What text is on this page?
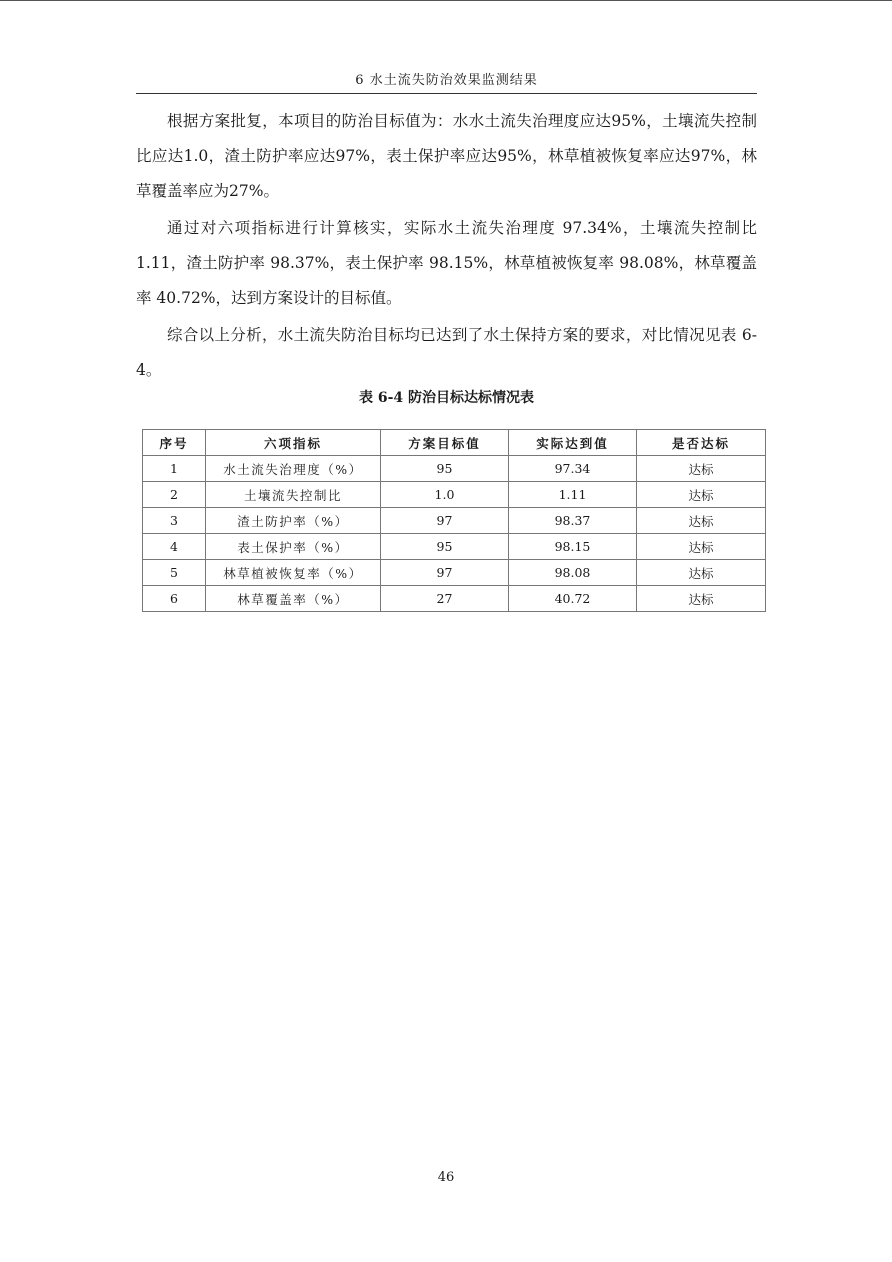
6 水土流失防治效果监测结果

根据方案批复，本项目的防治目标值为：水水土流失治理度应达95%，土壤流失控制比应达1.0，渣土防护率应达97%，表土保护率应达95%，林草植被恢复率应达97%，林草覆盖率应为27%。

通过对六项指标进行计算核实，实际水土流失治理度 97.34%，土壤流失控制比 1.11，渣土防护率 98.37%，表土保护率 98.15%，林草植被恢复率 98.08%，林草覆盖率 40.72%，达到方案设计的目标值。

综合以上分析，水土流失防治目标均已达到了水土保持方案的要求，对比情况见表 6-4。

表 6-4 防治目标达标情况表
序号	六项指标	方案目标值	实际达到值	是否达标
1	水土流失治理度（%）	95	97.34	达标
2	土壤流失控制比	1.0	1.11	达标
3	渣土防护率（%）	97	98.37	达标
4	表土保护率（%）	95	98.15	达标
5	林草植被恢复率（%）	97	98.08	达标
6	林草覆盖率（%）	27	40.72	达标
46
